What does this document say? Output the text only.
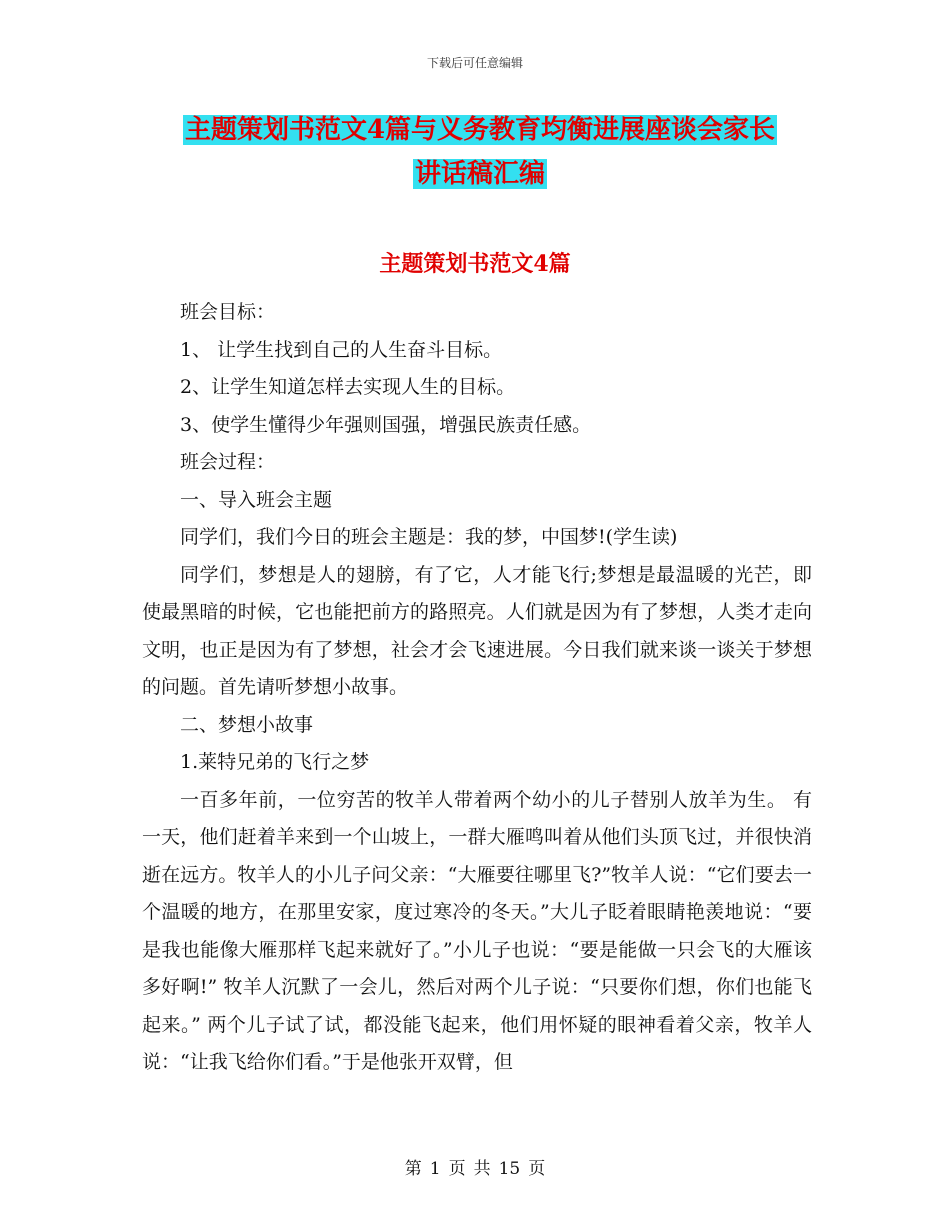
下载后可任意编辑
主题策划书范文4篇与义务教育均衡进展座谈会家长
讲话稿汇编
主题策划书范文4篇

班会目标：

1、 让学生找到自己的人生奋斗目标。

2、让学生知道怎样去实现人生的目标。

3、使学生懂得少年强则国强，增强民族责任感。

班会过程：

一、导入班会主题

同学们，我们今日的班会主题是：我的梦，中国梦!(学生读)

同学们，梦想是人的翅膀，有了它，人才能飞行;梦想是最温暖的光芒，即使最黑暗的时候，它也能把前方的路照亮。人们就是因为有了梦想，人类才走向文明，也正是因为有了梦想，社会才会飞速进展。今日我们就来谈一谈关于梦想的问题。首先请听梦想小故事。

二、梦想小故事

1.莱特兄弟的飞行之梦

一百多年前，一位穷苦的牧羊人带着两个幼小的儿子替别人放羊为生。 有一天，他们赶着羊来到一个山坡上，一群大雁鸣叫着从他们头顶飞过，并很快消逝在远方。牧羊人的小儿子问父亲：“大雁要往哪里飞?”牧羊人说：“它们要去一个温暖的地方，在那里安家，度过寒冷的冬天。”大儿子眨着眼睛艳羡地说：“要是我也能像大雁那样飞起来就好了。”小儿子也说：“要是能做一只会飞的大雁该多好啊!” 牧羊人沉默了一会儿，然后对两个儿子说：“只要你们想，你们也能飞起来。” 两个儿子试了试，都没能飞起来，他们用怀疑的眼神看着父亲，牧羊人说：“让我飞给你们看。”于是他张开双臂，但

第 1 页 共 15 页
